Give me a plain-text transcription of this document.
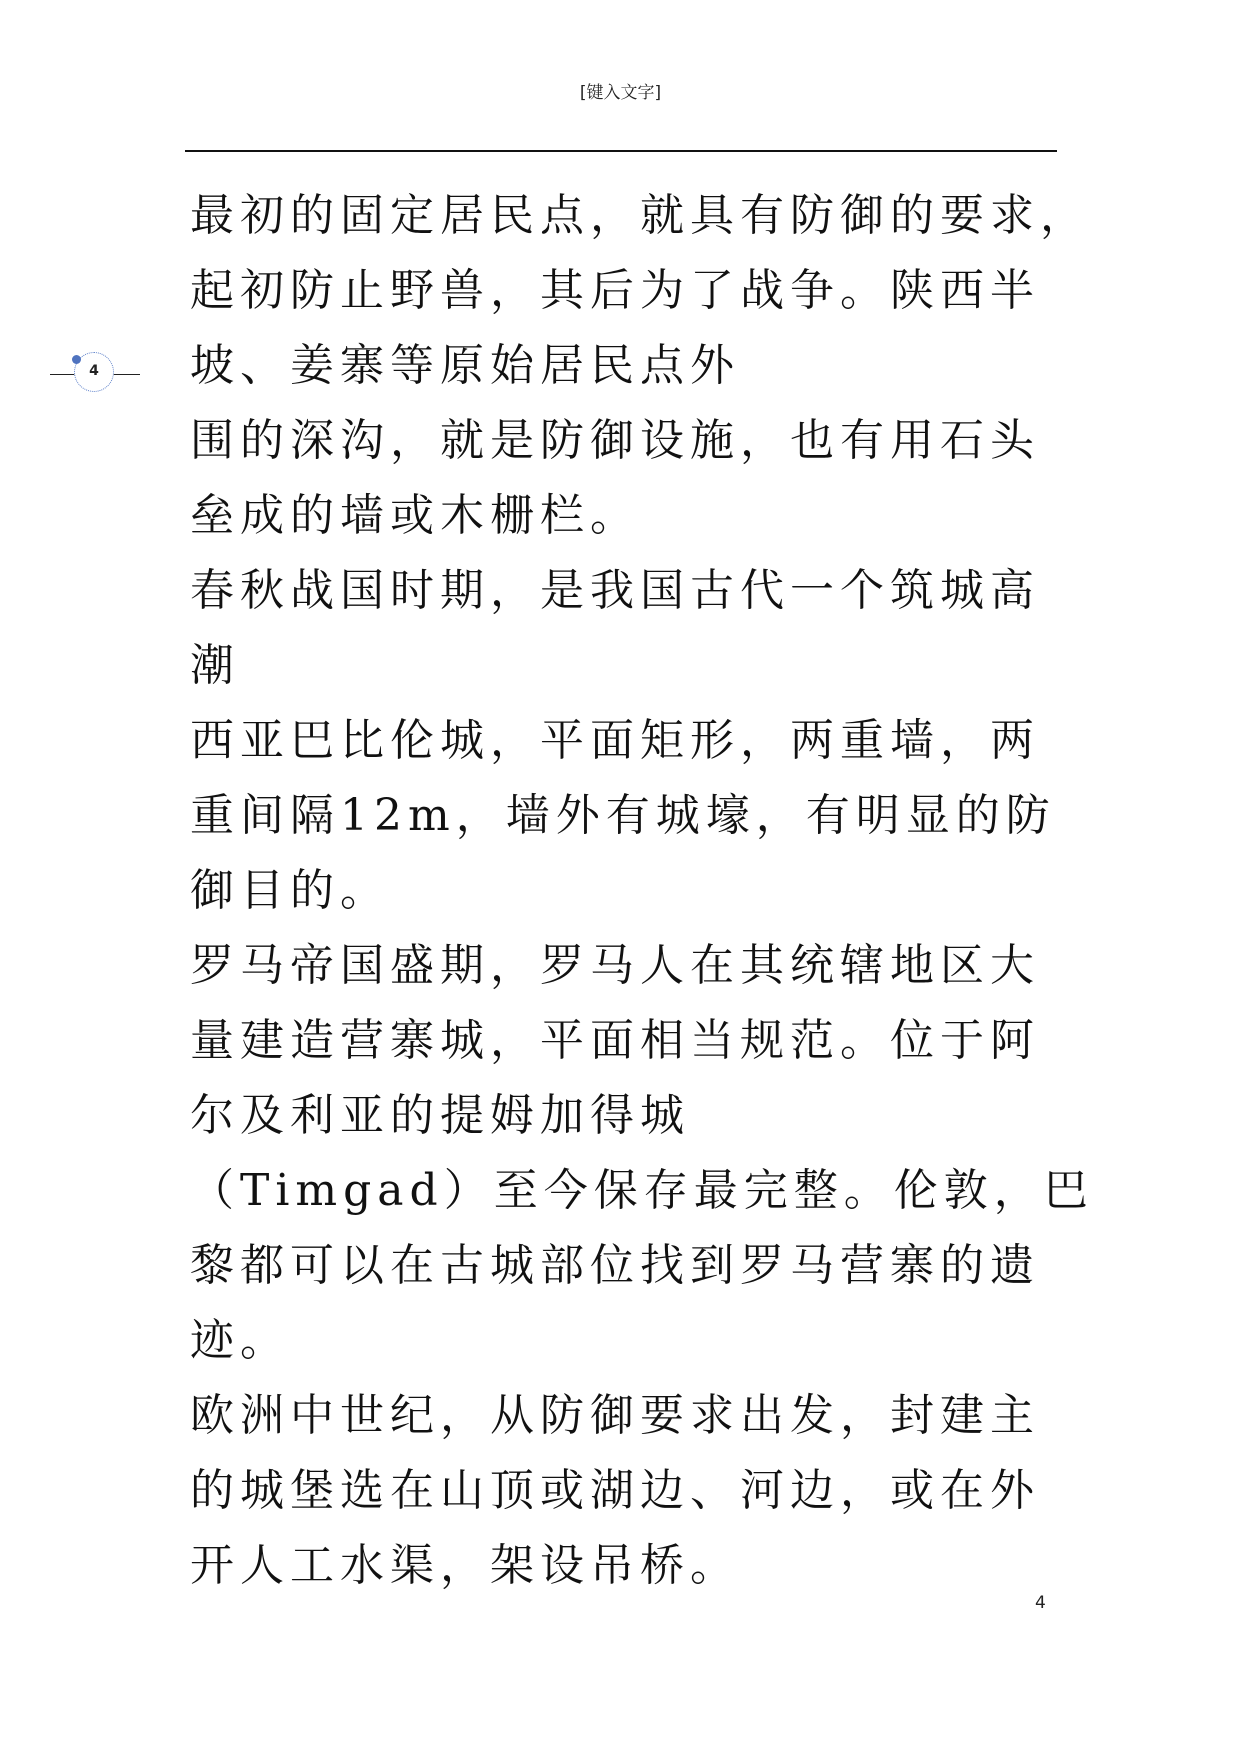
[键入文字]
4
最初的固定居民点，就具有防御的要求，
起初防止野兽，其后为了战争。陕西半
坡、姜寨等原始居民点外
围的深沟，就是防御设施，也有用石头
垒成的墙或木栅栏。
春秋战国时期，是我国古代一个筑城高
潮
西亚巴比伦城，平面矩形，两重墙，两
重间隔12m，墙外有城壕，有明显的防
御目的。
罗马帝国盛期，罗马人在其统辖地区大
量建造营寨城，平面相当规范。位于阿
尔及利亚的提姆加得城
（Timgad）至今保存最完整。伦敦，巴
黎都可以在古城部位找到罗马营寨的遗
迹。
欧洲中世纪，从防御要求出发，封建主
的城堡选在山顶或湖边、河边，或在外
开人工水渠，架设吊桥。
4
